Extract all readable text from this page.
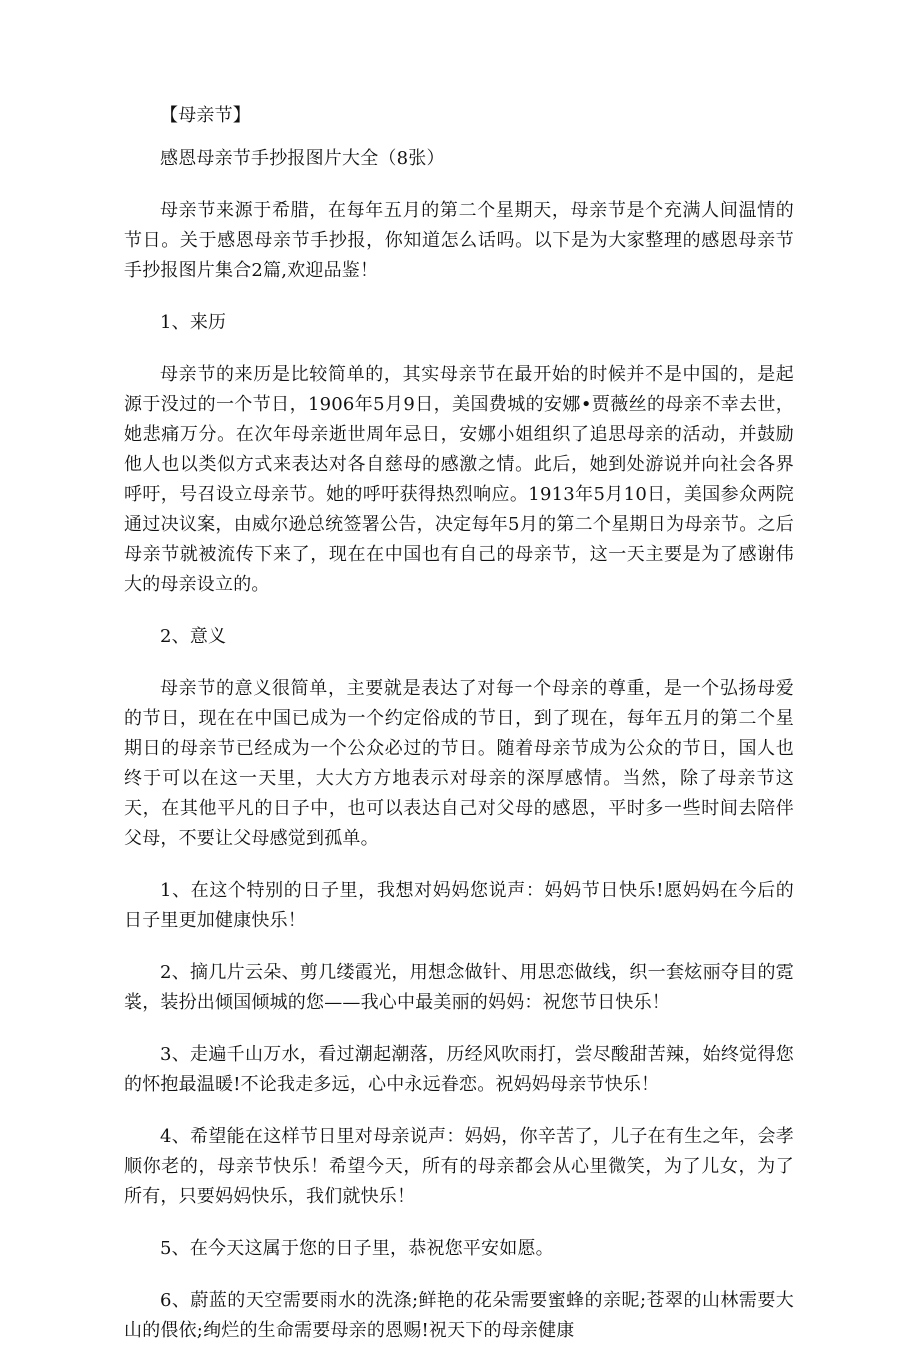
【母亲节】

感恩母亲节手抄报图片大全（8张）

母亲节来源于希腊，在每年五月的第二个星期天，母亲节是个充满人间温情的节日。关于感恩母亲节手抄报，你知道怎么话吗。以下是为大家整理的感恩母亲节手抄报图片集合2篇,欢迎品鉴！

1、来历

母亲节的来历是比较简单的，其实母亲节在最开始的时候并不是中国的，是起源于没过的一个节日，1906年5月9日，美国费城的安娜•贾薇丝的母亲不幸去世，她悲痛万分。在次年母亲逝世周年忌日，安娜小姐组织了追思母亲的活动，并鼓励他人也以类似方式来表达对各自慈母的感激之情。此后，她到处游说并向社会各界呼吁，号召设立母亲节。她的呼吁获得热烈响应。1913年5月10日，美国参众两院通过决议案，由威尔逊总统签署公告，决定每年5月的第二个星期日为母亲节。之后母亲节就被流传下来了，现在在中国也有自己的母亲节，这一天主要是为了感谢伟大的母亲设立的。

2、意义

母亲节的意义很简单，主要就是表达了对每一个母亲的尊重，是一个弘扬母爱的节日，现在在中国已成为一个约定俗成的节日，到了现在，每年五月的第二个星期日的母亲节已经成为一个公众必过的节日。随着母亲节成为公众的节日，国人也终于可以在这一天里，大大方方地表示对母亲的深厚感情。当然，除了母亲节这天，在其他平凡的日子中，也可以表达自己对父母的感恩，平时多一些时间去陪伴父母，不要让父母感觉到孤单。

1、在这个特别的日子里，我想对妈妈您说声：妈妈节日快乐!愿妈妈在今后的日子里更加健康快乐！

2、摘几片云朵、剪几缕霞光，用想念做针、用思恋做线，织一套炫丽夺目的霓裳，装扮出倾国倾城的您——我心中最美丽的妈妈：祝您节日快乐！

3、走遍千山万水，看过潮起潮落，历经风吹雨打，尝尽酸甜苦辣，始终觉得您的怀抱最温暖!不论我走多远，心中永远眷恋。祝妈妈母亲节快乐！

4、希望能在这样节日里对母亲说声：妈妈，你辛苦了，儿子在有生之年，会孝顺你老的，母亲节快乐！希望今天，所有的母亲都会从心里微笑，为了儿女，为了所有，只要妈妈快乐，我们就快乐！

5、在今天这属于您的日子里，恭祝您平安如愿。

6、蔚蓝的天空需要雨水的洗涤;鲜艳的花朵需要蜜蜂的亲昵;苍翠的山林需要大山的偎依;绚烂的生命需要母亲的恩赐!祝天下的母亲健康
